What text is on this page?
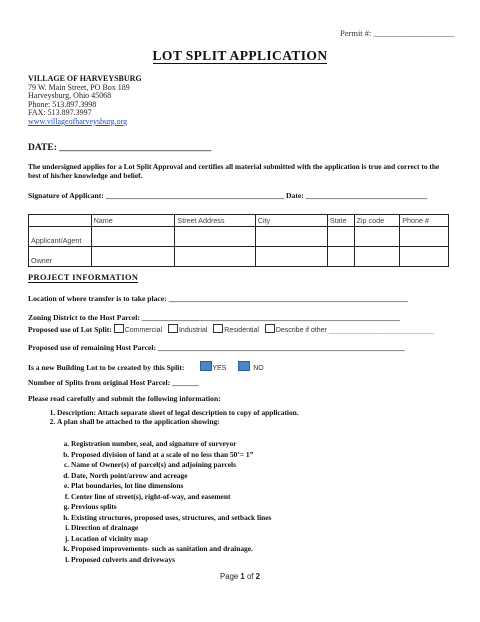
Permit #: ___________________
LOT SPLIT APPLICATION
VILLAGE OF HARVEYSBURG
79 W. Main Street, PO Box 189
Harveysburg, Ohio 45068
Phone: 513.897.3998
FAX: 513.897.3997
www.villageofharveysburg.org
DATE: ________________________________
The undersigned applies for a Lot Split Approval and certifies all material submitted with the application is true and correct to the best of his/her knowledge and belief.
Signature of Applicant: _______________________________________________ Date: ________________________________
	Name	Street Address	City	State	Zip code	Phone #
Applicant/Agent						
Owner						
PROJECT INFORMATION
Location of where transfer is to take place: _______________________________________________________________
Zoning District to the Host Parcel: ____________________________________________________________________
Proposed use of Lot Split: Commercial Industrial Residential Describe if other ___________________________
Proposed use of remaining Host Parcel: _________________________________________________________________
Is a new Building Lot to be created by this Split:	YES	NO
Number of Splits from original Host Parcel: _______
Please read carefully and submit the following information:
1. Description: Attach separate sheet of legal description to copy of application.
2. A plan shall be attached to the application showing:
a. Registration number, seal, and signature of surveyor
b. Proposed division of land at a scale of no less than 50’= 1”
c. Name of Owner(s) of parcel(s) and adjoining parcels
d. Date, North point/arrow and acreage
e. Plat boundaries, lot line dimensions
f. Center line of street(s), right-of-way, and easement
g. Previous splits
h. Existing structures, proposed uses, structures, and setback lines
i. Direction of drainage
j. Location of vicinity map
k. Proposed improvements- such as sanitation and drainage.
l. Proposed culverts and driveways
Page 1 of 2
